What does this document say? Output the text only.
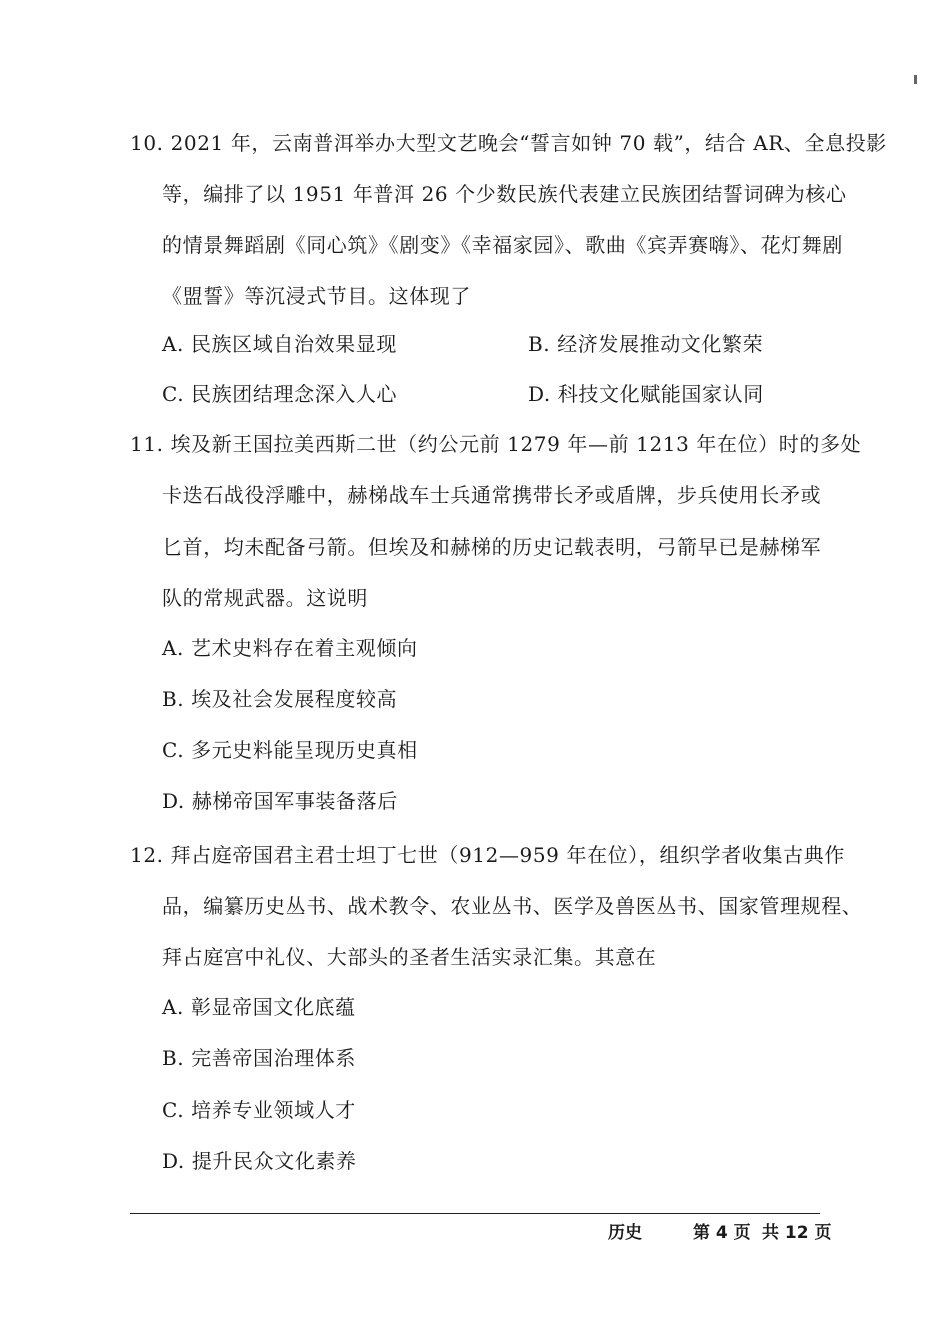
10. 2021 年，云南普洱举办大型文艺晚会“誓言如钟 70 载”，结合 AR、全息投影
等，编排了以 1951 年普洱 26 个少数民族代表建立民族团结誓词碑为核心
的情景舞蹈剧《同心筑》《剧变》《幸福家园》、歌曲《宾弄赛嗨》、花灯舞剧
《盟誓》等沉浸式节目。这体现了
A. 民族区域自治效果显现	B. 经济发展推动文化繁荣
C. 民族团结理念深入人心	D. 科技文化赋能国家认同
11. 埃及新王国拉美西斯二世（约公元前 1279 年—前 1213 年在位）时的多处
卡迭石战役浮雕中，赫梯战车士兵通常携带长矛或盾牌，步兵使用长矛或
匕首，均未配备弓箭。但埃及和赫梯的历史记载表明，弓箭早已是赫梯军
队的常规武器。这说明
A. 艺术史料存在着主观倾向
B. 埃及社会发展程度较高
C. 多元史料能呈现历史真相
D. 赫梯帝国军事装备落后
12. 拜占庭帝国君主君士坦丁七世（912—959 年在位），组织学者收集古典作
品，编纂历史丛书、战术教令、农业丛书、医学及兽医丛书、国家管理规程、
拜占庭宫中礼仪、大部头的圣者生活实录汇集。其意在
A. 彰显帝国文化底蕴
B. 完善帝国治理体系
C. 培养专业领域人才
D. 提升民众文化素养
历史	第 4 页 共 12 页
